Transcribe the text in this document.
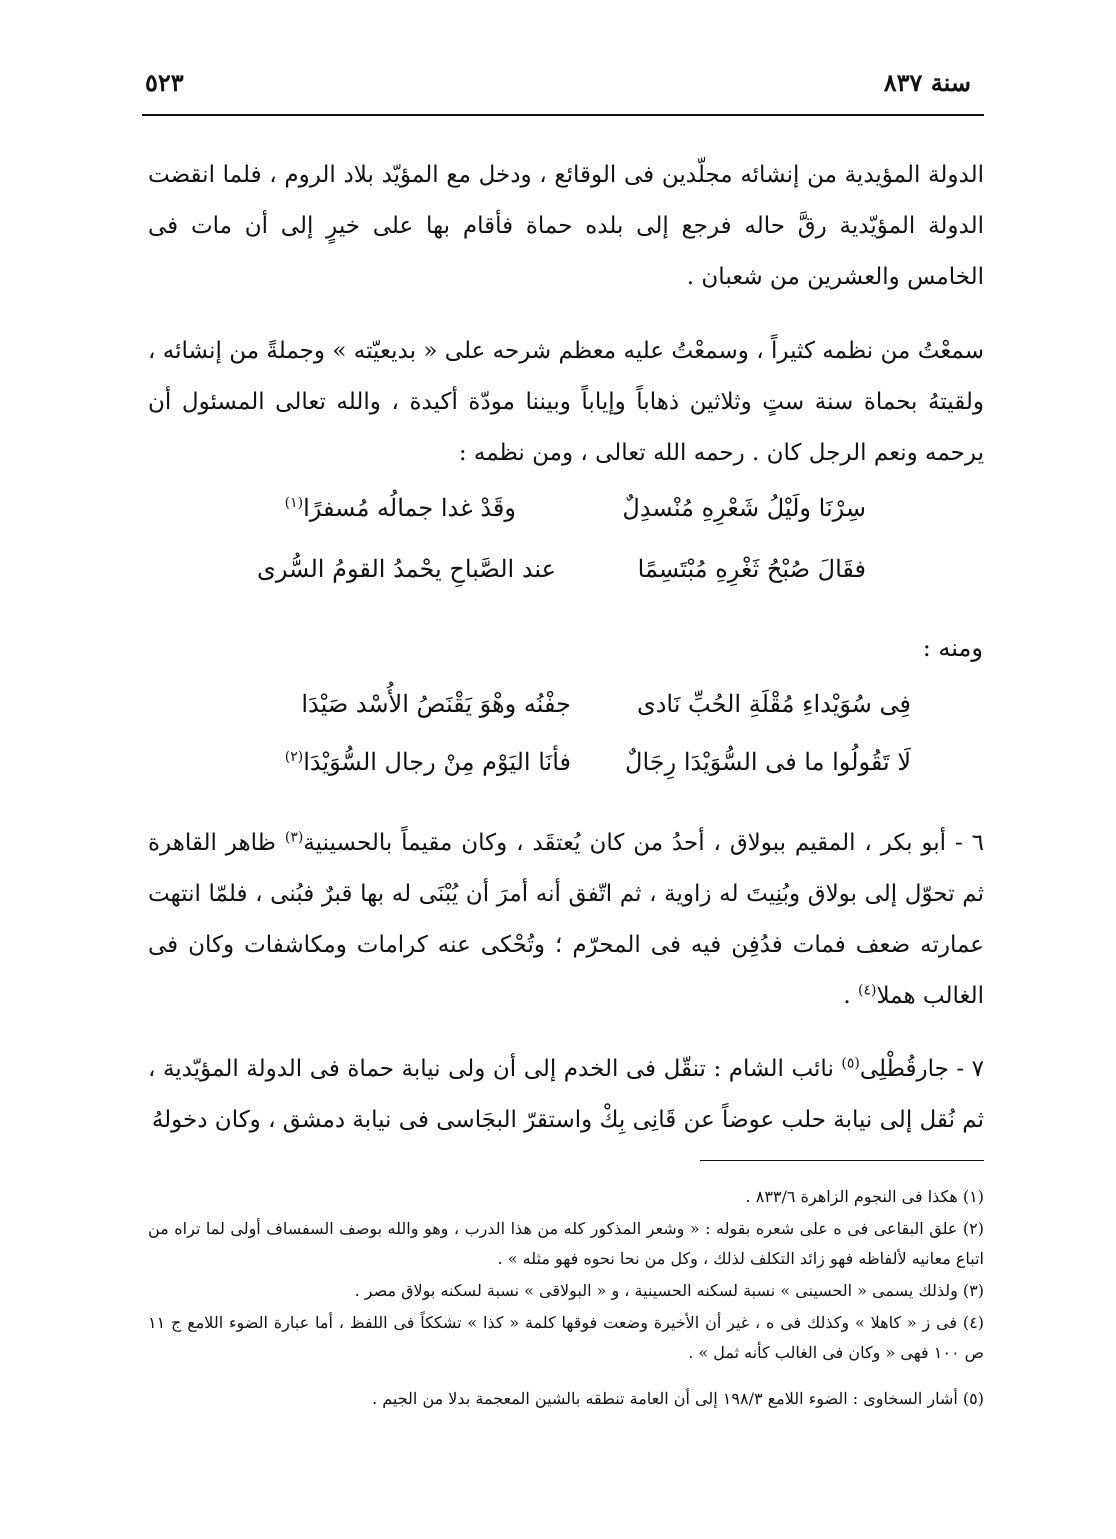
سنة ٨٣٧
٥٢٣

الدولة المؤيدية من إنشائه مجلّدين فى الوقائع ، ودخل مع المؤيّد بلاد الروم ، فلما انقضت الدولة المؤيّدية رقَّ حاله فرجع إلى بلده حماة فأقام بها على خيرٍ إلى أن مات فى الخامس والعشرين من شعبان .

سمعْتُ من نظمه كثيراً ، وسمعْتُ عليه معظم شرحه على « بديعيّته » وجملةً من إنشائه ، ولقيتهُ بحماة سنة ستٍ وثلاثين ذهاباً وإياباً وبيننا مودّة أكيدة ، والله تعالى المسئول أن يرحمه ونعم الرجل كان . رحمه الله تعالى ، ومن نظمه :

سِرْنَا ولَيْلُ شَعْرِهِ مُنْسدِلٌ
وقَدْ غدا جمالُه مُسفرًا$^{(١)}$
فقَالَ صُبْحُ ثَغْرِهِ مُبْتَسِمًا
عند الصَّباحِ يحْمدُ القومُ السُّرى
ومنه :
فِى سُوَيْداءِ مُقْلَةِ الحُبِّ نَادى
جفْنُه وهْوَ يَقْنَصُ الأُسْد صَيْدَا
لَا تَقُولُوا ما فى السُّوَيْدَا رِجَالٌ
فأنَا اليَوْم مِنْ رجال السُّوَيْدَا$^{(٢)}$

٦ - أبو بكر ، المقيم ببولاق ، أحدُ من كان يُعتقَد ، وكان مقيماً بالحسينية$^{(٣)}$ ظاهر القاهرة ثم تحوّل إلى بولاق وبُنِيتَ له زاوية ، ثم اتّفق أنه أمرَ أن يُبْنَى له بها قبرٌ فبُنى ، فلمّا انتهت عمارته ضعف فمات فدُفِن فيه فى المحرّم ؛ وتُحْكى عنه كرامات ومكاشفات وكان فى الغالب هملا$^{(٤)}$ .

٧ - جارقُطْلِى$^{(٥)}$ نائب الشام : تنقّل فى الخدم إلى أن ولى نيابة حماة فى الدولة المؤيّدية ، ثم نُقل إلى نيابة حلب عوضاً عن قَانِى بِكْ واستقرّ البجَاسى فى نيابة دمشق ، وكان دخولهُ

(١) هكذا فى النجوم الزاهرة ٨٣٣/٦ .

(٢) علق البقاعى فى ه على شعره بقوله : « وشعر المذكور كله من هذا الدرب ، وهو والله بوصف السفساف أولى لما تراه من اتباع معانيه لألفاظه فهو زائد التكلف لذلك ، وكل من نحا نحوه فهو مثله » .

(٣) ولذلك يسمى « الحسينى » نسبة لسكنه الحسينية ، و « البولاقى » نسبة لسكنه بولاق مصر .

(٤) فى ز « كاهلا » وكذلك فى ه ، غير أن الأخيرة وضعت فوقها كلمة « كذا » تشككاً فى اللفظ ، أما عبارة الضوء اللامع ج ١١ ص ١٠٠ فهى « وكان فى الغالب كأنه ثمل » .

(٥) أشار السخاوى : الضوء اللامع ١٩٨/٣ إلى أن العامة تنطقه بالشين المعجمة بدلا من الجيم .
